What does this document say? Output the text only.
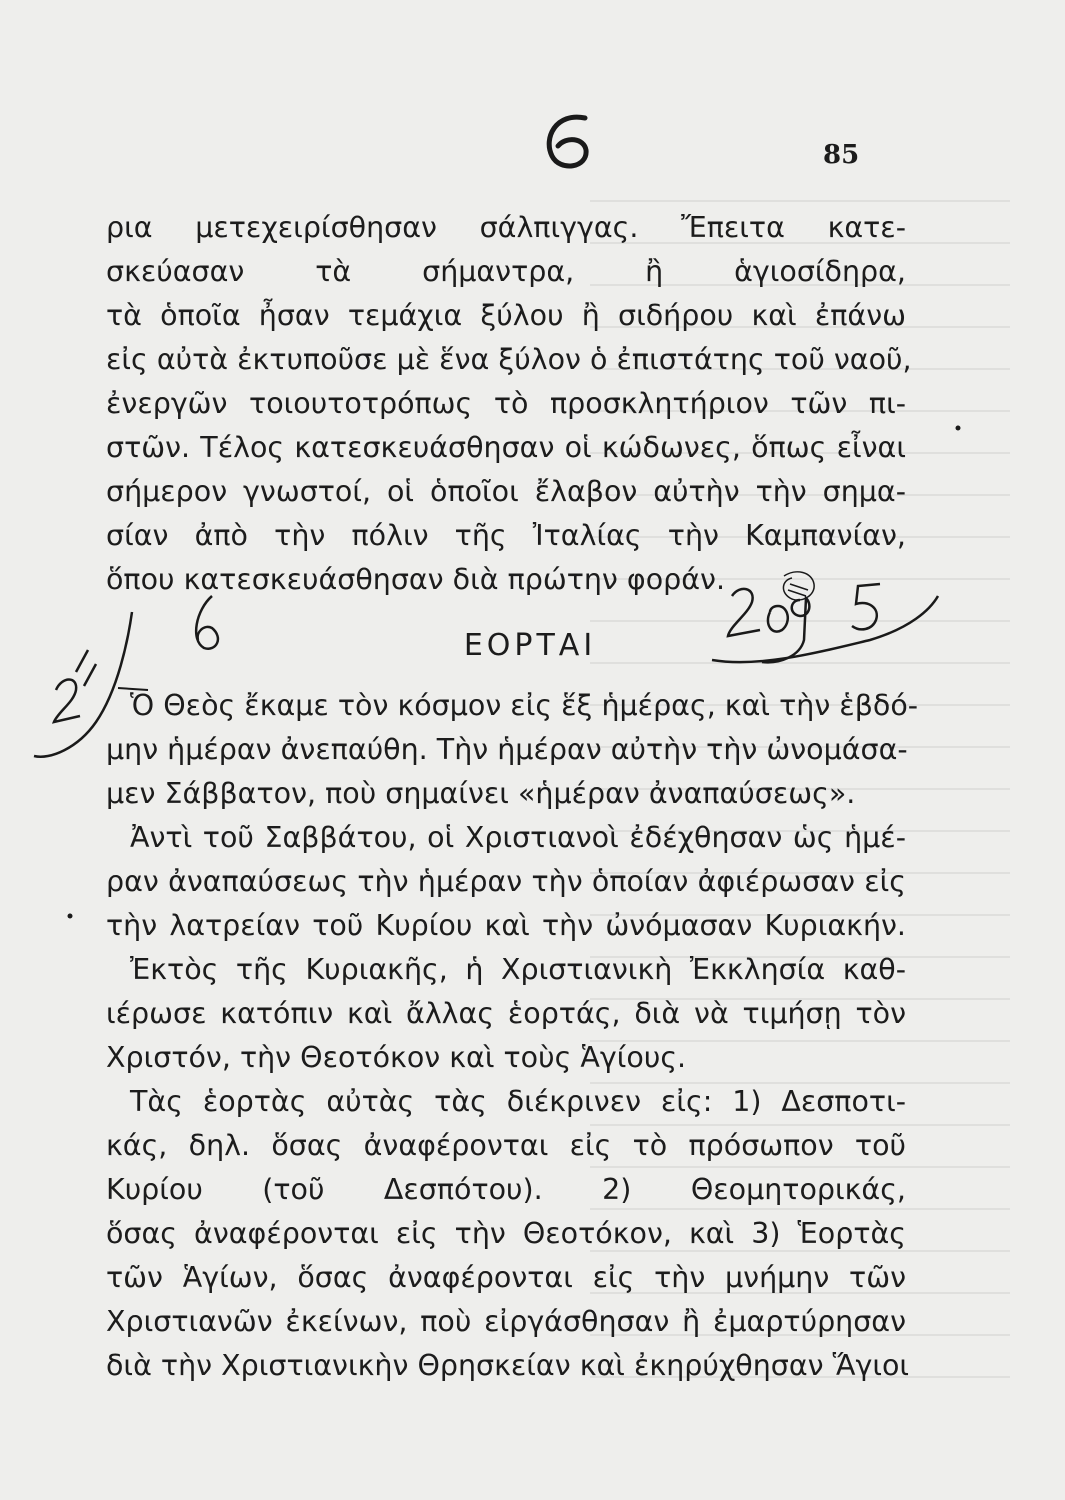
85
ρια μετεχειρίσθησαν σάλπιγγας. Ἔπειτα κατε-
σκεύασαν τὰ σήμαντρα, ἢ ἁγιοσίδηρα,
τὰ ὁποῖα ἦσαν τεμάχια ξύλου ἢ σιδήρου καὶ ἐπάνω
εἰς αὐτὰ ἐκτυποῦσε μὲ ἕνα ξύλον ὁ ἐπιστάτης τοῦ ναοῦ,
ἐνεργῶν τοιουτοτρόπως τὸ προσκλητήριον τῶν πι-
στῶν. Τέλος κατεσκευάσθησαν οἱ κώδωνες, ὅπως εἶναι
σήμερον γνωστοί, οἱ ὁποῖοι ἔλαβον αὐτὴν τὴν σημα-
σίαν ἀπὸ τὴν πόλιν τῆς Ἰταλίας τὴν Καμπανίαν,
ὅπου κατεσκευάσθησαν διὰ πρώτην φοράν.
ΕΟΡΤΑΙ
Ὁ Θεὸς ἔκαμε τὸν κόσμον εἰς ἕξ ἡμέρας, καὶ τὴν ἑβδό-
μην ἡμέραν ἀνεπαύθη. Τὴν ἡμέραν αὐτὴν τὴν ὠνομάσα-
μεν Σάββατον, ποὺ σημαίνει «ἡμέραν ἀναπαύσεως».
Ἀντὶ τοῦ Σαββάτου, οἱ Χριστιανοὶ ἐδέχθησαν ὡς ἡμέ-
ραν ἀναπαύσεως τὴν ἡμέραν τὴν ὁποίαν ἀφιέρωσαν εἰς
τὴν λατρείαν τοῦ Κυρίου καὶ τὴν ὠνόμασαν Κυριακήν.
Ἐκτὸς τῆς Κυριακῆς, ἡ Χριστιανικὴ Ἐκκλησία καθ-
ιέρωσε κατόπιν καὶ ἄλλας ἑορτάς, διὰ νὰ τιμήσῃ τὸν
Χριστόν, τὴν Θεοτόκον καὶ τοὺς Ἁγίους.
Τὰς ἑορτὰς αὐτὰς τὰς διέκρινεν εἰς: 1) Δεσποτι-
κάς, δηλ. ὅσας ἀναφέρονται εἰς τὸ πρόσωπον τοῦ
Κυρίου (τοῦ Δεσπότου). 2) Θεομητορικάς,
ὅσας ἀναφέρονται εἰς τὴν Θεοτόκον, καὶ 3) Ἑορτὰς
τῶν Ἁγίων, ὅσας ἀναφέρονται εἰς τὴν μνήμην τῶν
Χριστιανῶν ἐκείνων, ποὺ εἰργάσθησαν ἢ ἐμαρτύρησαν
διὰ τὴν Χριστιανικὴν Θρησκείαν καὶ ἐκηρύχθησαν Ἅγιοι
